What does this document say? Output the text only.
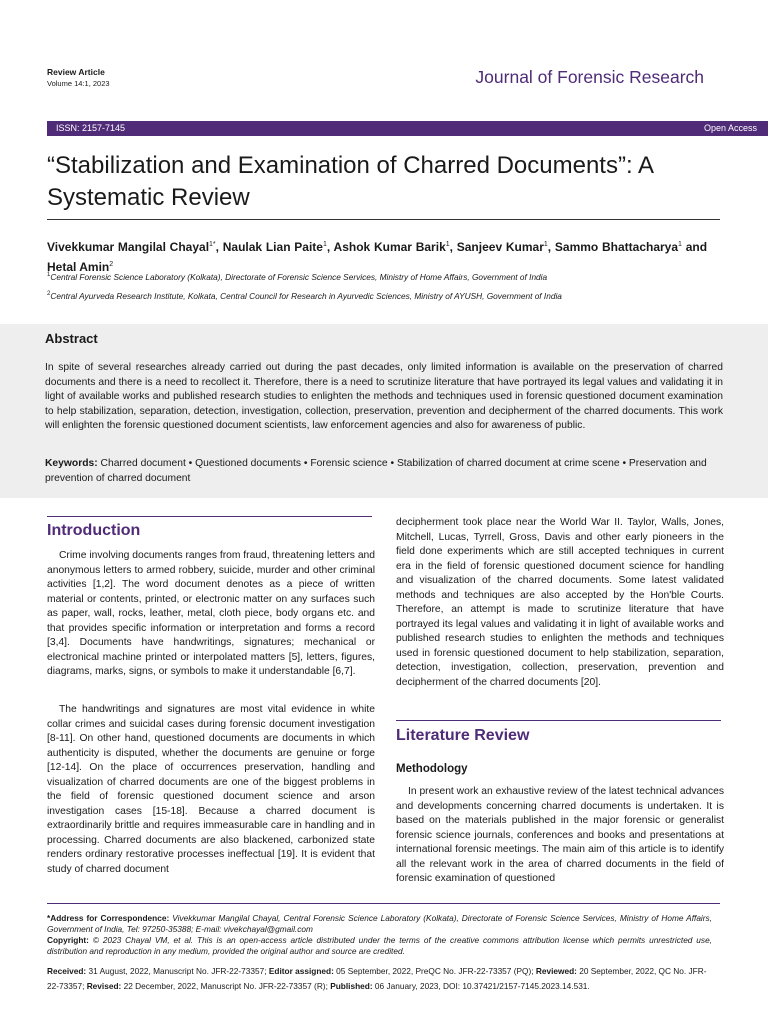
Review Article
Volume 14:1, 2023	Journal of Forensic Research
ISSN: 2157-7145	Open Access
“Stabilization and Examination of Charred Documents”: A Systematic Review
Vivekkumar Mangilal Chayal$^{1*}$, Naulak Lian Paite$^1$, Ashok Kumar Barik$^1$, Sanjeev Kumar$^1$, Sammo Bhattacharya$^1$ and Hetal Amin$^2$
$^1$Central Forensic Science Laboratory (Kolkata), Directorate of Forensic Science Services, Ministry of Home Affairs, Government of India
$^2$Central Ayurveda Research Institute, Kolkata, Central Council for Research in Ayurvedic Sciences, Ministry of AYUSH, Government of India
Abstract
In spite of several researches already carried out during the past decades, only limited information is available on the preservation of charred documents and there is a need to recollect it. Therefore, there is a need to scrutinize literature that have portrayed its legal values and validating it in light of available works and published research studies to enlighten the methods and techniques used in forensic questioned document examination to help stabilization, separation, detection, investigation, collection, preservation, prevention and decipherment of the charred documents. This work will enlighten the forensic questioned document scientists, law enforcement agencies and also for awareness of public.
Keywords: Charred document • Questioned documents • Forensic science • Stabilization of charred document at crime scene • Preservation and prevention of charred document
Introduction

Crime involving documents ranges from fraud, threatening letters and anonymous letters to armed robbery, suicide, murder and other criminal activities [1,2]. The word document denotes as a piece of written material or contents, printed, or electronic matter on any surfaces such as paper, wall, rocks, leather, metal, cloth piece, body organs etc. and that provides specific information or interpretation and forms a record [3,4]. Documents have handwritings, signatures; mechanical or electronical machine printed or interpolated matters [5], letters, figures, diagrams, marks, signs, or symbols to make it understandable [6,7].

The handwritings and signatures are most vital evidence in white collar crimes and suicidal cases during forensic document investigation [8-11]. On other hand, questioned documents are documents in which authenticity is disputed, whether the documents are genuine or forge [12-14]. On the place of occurrences preservation, handling and visualization of charred documents are one of the biggest problems in the field of forensic questioned document science and arson investigation cases [15-18]. Because a charred document is extraordinarily brittle and requires immeasurable care in handling and in processing. Charred documents are also blackened, carbonized state renders ordinary restorative processes ineffectual [19]. It is evident that study of charred document

decipherment took place near the World War II. Taylor, Walls, Jones, Mitchell, Lucas, Tyrrell, Gross, Davis and other early pioneers in the field done experiments which are still accepted techniques in current era in the field of forensic questioned document science for handling and visualization of the charred documents. Some latest validated methods and techniques are also accepted by the Hon'ble Courts. Therefore, an attempt is made to scrutinize literature that have portrayed its legal values and validating it in light of available works and published research studies to enlighten the methods and techniques used in forensic questioned document to help stabilization, separation, detection, investigation, collection, preservation, prevention and decipherment of the charred documents [20].

Literature Review
Methodology

In present work an exhaustive review of the latest technical advances and developments concerning charred documents is undertaken. It is based on the materials published in the major forensic or generalist forensic science journals, conferences and books and presentations at international forensic meetings. The main aim of this article is to identify all the relevant work in the area of charred documents in the field of forensic examination of questioned

*Address for Correspondence: Vivekkumar Mangilal Chayal, Central Forensic Science Laboratory (Kolkata), Directorate of Forensic Science Services, Ministry of Home Affairs, Government of India, Tel: 97250-35388; E-mail: vivekchayal@gmail.com
Copyright: © 2023 Chayal VM, et al. This is an open-access article distributed under the terms of the creative commons attribution license which permits unrestricted use, distribution and reproduction in any medium, provided the original author and source are credited.
Received: 31 August, 2022, Manuscript No. JFR-22-73357; Editor assigned: 05 September, 2022, PreQC No. JFR-22-73357 (PQ); Reviewed: 20 September, 2022, QC No. JFR-22-73357; Revised: 22 December, 2022, Manuscript No. JFR-22-73357 (R); Published: 06 January, 2023, DOI: 10.37421/2157-7145.2023.14.531.
